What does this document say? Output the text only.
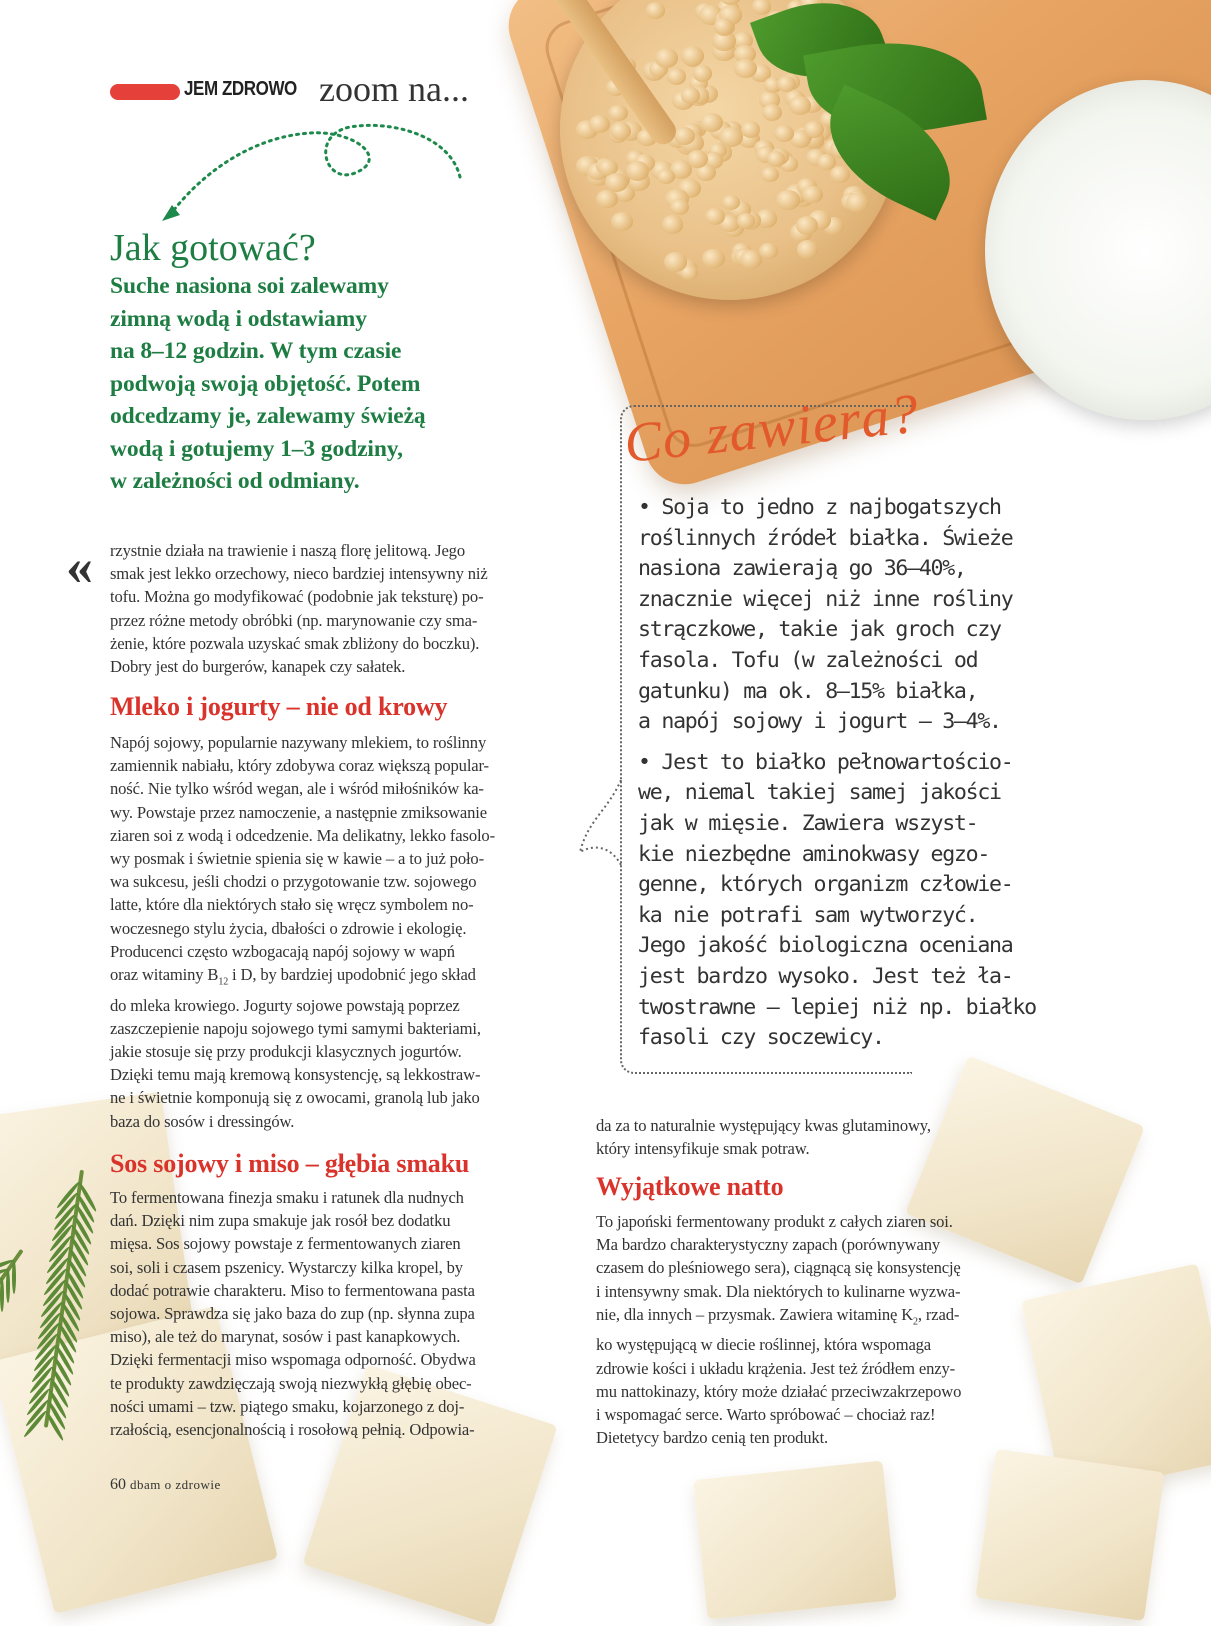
JEM ZDROWO zoom na...
Jak gotować?
Suche nasiona soi zalewamy
zimną wodą i odstawiamy
na 8–12 godzin. W tym czasie
podwoją swoją objętość. Potem
odcedzamy je, zalewamy świeżą
wodą i gotujemy 1–3 godziny,
w zależności od odmiany.
« rzystnie działa na trawienie i naszą florę jelitową. Jego
smak jest lekko orzechowy, nieco bardziej intensywny niż
tofu. Można go modyfikować (podobnie jak teksturę) po-
przez różne metody obróbki (np. marynowanie czy sma-
żenie, które pozwala uzyskać smak zbliżony do boczku).
Dobry jest do burgerów, kanapek czy sałatek.
Mleko i jogurty – nie od krowy
Napój sojowy, popularnie nazywany mlekiem, to roślinny
zamiennik nabiału, który zdobywa coraz większą popular-
ność. Nie tylko wśród wegan, ale i wśród miłośników ka-
wy. Powstaje przez namoczenie, a następnie zmiksowanie
ziaren soi z wodą i odcedzenie. Ma delikatny, lekko fasolo-
wy posmak i świetnie spienia się w kawie – a to już poło-
wa sukcesu, jeśli chodzi o przygotowanie tzw. sojowego
latte, które dla niektórych stało się wręcz symbolem no-
woczesnego stylu życia, dbałości o zdrowie i ekologię.
Producenci często wzbogacają napój sojowy w wapń
oraz witaminy $B_{12}$ i D, by bardziej upodobnić jego skład
do mleka krowiego. Jogurty sojowe powstają poprzez
zaszczepienie napoju sojowego tymi samymi bakteriami,
jakie stosuje się przy produkcji klasycznych jogurtów.
Dzięki temu mają kremową konsystencję, są lekkostraw-
ne i świetnie komponują się z owocami, granolą lub jako
baza do sosów i dressingów.
Sos sojowy i miso – głębia smaku
To fermentowana finezja smaku i ratunek dla nudnych
dań. Dzięki nim zupa smakuje jak rosół bez dodatku
mięsa. Sos sojowy powstaje z fermentowanych ziaren
soi, soli i czasem pszenicy. Wystarczy kilka kropel, by
dodać potrawie charakteru. Miso to fermentowana pasta
sojowa. Sprawdza się jako baza do zup (np. słynna zupa
miso), ale też do marynat, sosów i past kanapkowych.
Dzięki fermentacji miso wspomaga odporność. Obydwa
te produkty zawdzięczają swoją niezwykłą głębię obec-
ności umami – tzw. piątego smaku, kojarzonego z doj-
rzałością, esencjonalnością i rosołową pełnią. Odpowia-
Co zawiera?

• Soja to jedno z najbogatszych
roślinnych źródeł białka. Świeże
nasiona zawierają go 36–40%,
znacznie więcej niż inne rośliny
strączkowe, takie jak groch czy
fasola. Tofu (w zależności od
gatunku) ma ok. 8–15% białka,
a napój sojowy i jogurt – 3–4%.

• Jest to białko pełnowartościo-
we, niemal takiej samej jakości
jak w mięsie. Zawiera wszyst-
kie niezbędne aminokwasy egzo-
genne, których organizm człowie-
ka nie potrafi sam wytworzyć.
Jego jakość biologiczna oceniana
jest bardzo wysoko. Jest też ła-
twostrawne – lepiej niż np. białko
fasoli czy soczewicy.

da za to naturalnie występujący kwas glutaminowy,
który intensyfikuje smak potraw.
Wyjątkowe natto
To japoński fermentowany produkt z całych ziaren soi.
Ma bardzo charakterystyczny zapach (porównywany
czasem do pleśniowego sera), ciągnącą się konsystencję
i intensywny smak. Dla niektórych to kulinarne wyzwa-
nie, dla innych – przysmak. Zawiera witaminę $K_2$, rzad-
ko występującą w diecie roślinnej, która wspomaga
zdrowie kości i układu krążenia. Jest też źródłem enzy-
mu nattokinazy, który może działać przeciwzakrzepowo
i wspomagać serce. Warto spróbować – chociaż raz!
Dietetycy bardzo cenią ten produkt.
60 dbam o zdrowie
